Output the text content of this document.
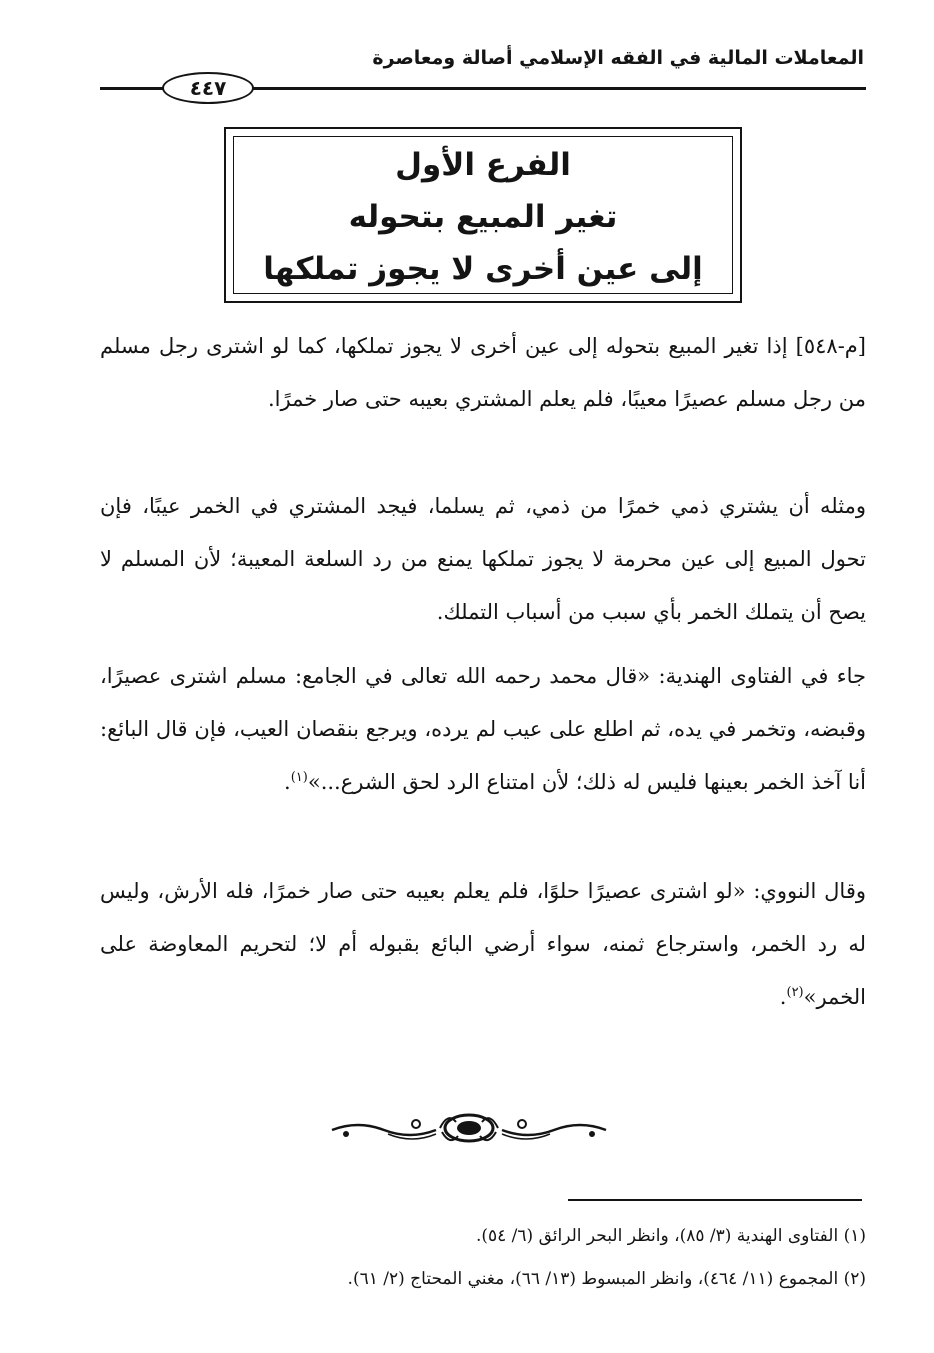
المعاملات المالية في الفقه الإسلامي أصالة ومعاصرة
٤٤٧
الفرع الأول
تغير المبيع بتحوله
إلى عين أخرى لا يجوز تملكها

[م-٥٤٨] إذا تغير المبيع بتحوله إلى عين أخرى لا يجوز تملكها، كما لو اشترى رجل مسلم من رجل مسلم عصيرًا معيبًا، فلم يعلم المشتري بعيبه حتى صار خمرًا.

ومثله أن يشتري ذمي خمرًا من ذمي، ثم يسلما، فيجد المشتري في الخمر عيبًا، فإن تحول المبيع إلى عين محرمة لا يجوز تملكها يمنع من رد السلعة المعيبة؛ لأن المسلم لا يصح أن يتملك الخمر بأي سبب من أسباب التملك.

جاء في الفتاوى الهندية: «قال محمد رحمه الله تعالى في الجامع: مسلم اشترى عصيرًا، وقبضه، وتخمر في يده، ثم اطلع على عيب لم يرده، ويرجع بنقصان العيب، فإن قال البائع: أنا آخذ الخمر بعينها فليس له ذلك؛ لأن امتناع الرد لحق الشرع...»$^{(١)}$.

وقال النووي: «لو اشترى عصيرًا حلوًا، فلم يعلم بعيبه حتى صار خمرًا، فله الأرش، وليس له رد الخمر، واسترجاع ثمنه، سواء أرضي البائع بقبوله أم لا؛ لتحريم المعاوضة على الخمر»$^{(٢)}$.

(١) الفتاوى الهندية (٣/ ٨٥)، وانظر البحر الرائق (٦/ ٥٤).
(٢) المجموع (١١/ ٤٦٤)، وانظر المبسوط (١٣/ ٦٦)، مغني المحتاج (٢/ ٦١).
